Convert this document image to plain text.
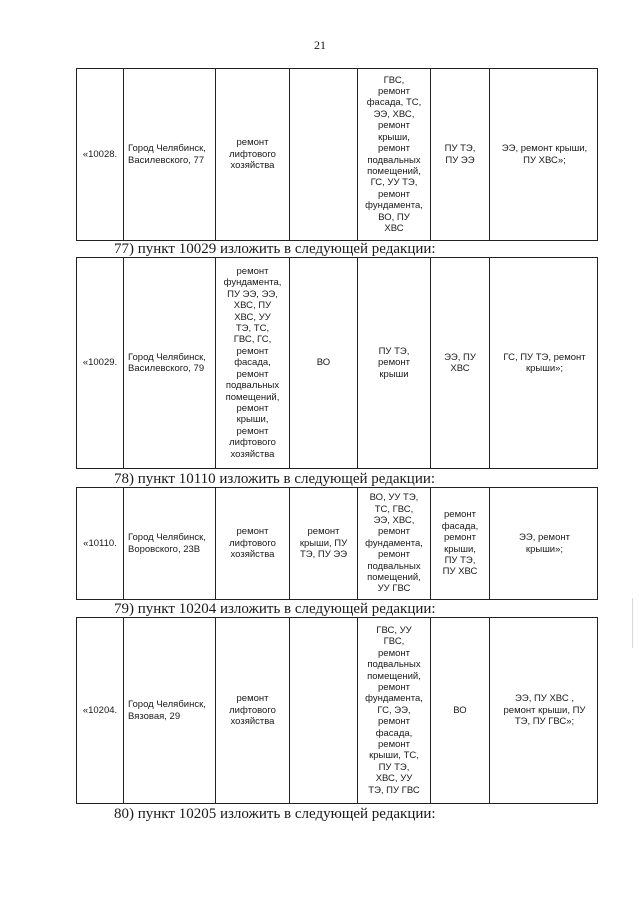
21
«10028.
Город Челябинск,
Василевского, 77
ремонт
лифтового
хозяйства
ГВС,
ремонт
фасада, ТС,
ЭЭ, ХВС,
ремонт
крыши,
ремонт
подвальных
помещений,
ГС, УУ ТЭ,
ремонт
фундамента,
ВО, ПУ
ХВС
ПУ ТЭ,
ПУ ЭЭ
ЭЭ, ремонт крыши,
ПУ ХВС»;
77) пункт 10029 изложить в следующей редакции:
«10029.
Город Челябинск,
Василевского, 79
ремонт
фундамента,
ПУ ЭЭ, ЭЭ,
ХВС, ПУ
ХВС, УУ
ТЭ, ТС,
ГВС, ГС,
ремонт
фасада,
ремонт
подвальных
помещений,
ремонт
крыши,
ремонт
лифтового
хозяйства
ВО
ПУ ТЭ,
ремонт
крыши
ЭЭ, ПУ
ХВС
ГС, ПУ ТЭ, ремонт
крыши»;
78) пункт 10110 изложить в следующей редакции:
«10110.
Город Челябинск,
Воровского, 23В
ремонт
лифтового
хозяйства
ремонт
крыши, ПУ
ТЭ, ПУ ЭЭ
ВО, УУ ТЭ,
ТС, ГВС,
ЭЭ, ХВС,
ремонт
фундамента,
ремонт
подвальных
помещений,
УУ ГВС
ремонт
фасада,
ремонт
крыши,
ПУ ТЭ,
ПУ ХВС
ЭЭ, ремонт
крыши»;
79) пункт 10204 изложить в следующей редакции:
«10204.
Город Челябинск,
Вязовая, 29
ремонт
лифтового
хозяйства
ГВС, УУ
ГВС,
ремонт
подвальных
помещений,
ремонт
фундамента,
ГС, ЭЭ,
ремонт
фасада,
ремонт
крыши, ТС,
ПУ ТЭ,
ХВС, УУ
ТЭ, ПУ ГВС
ВО
ЭЭ, ПУ ХВС ,
ремонт крыши, ПУ
ТЭ, ПУ ГВС»;
80) пункт 10205 изложить в следующей редакции:
